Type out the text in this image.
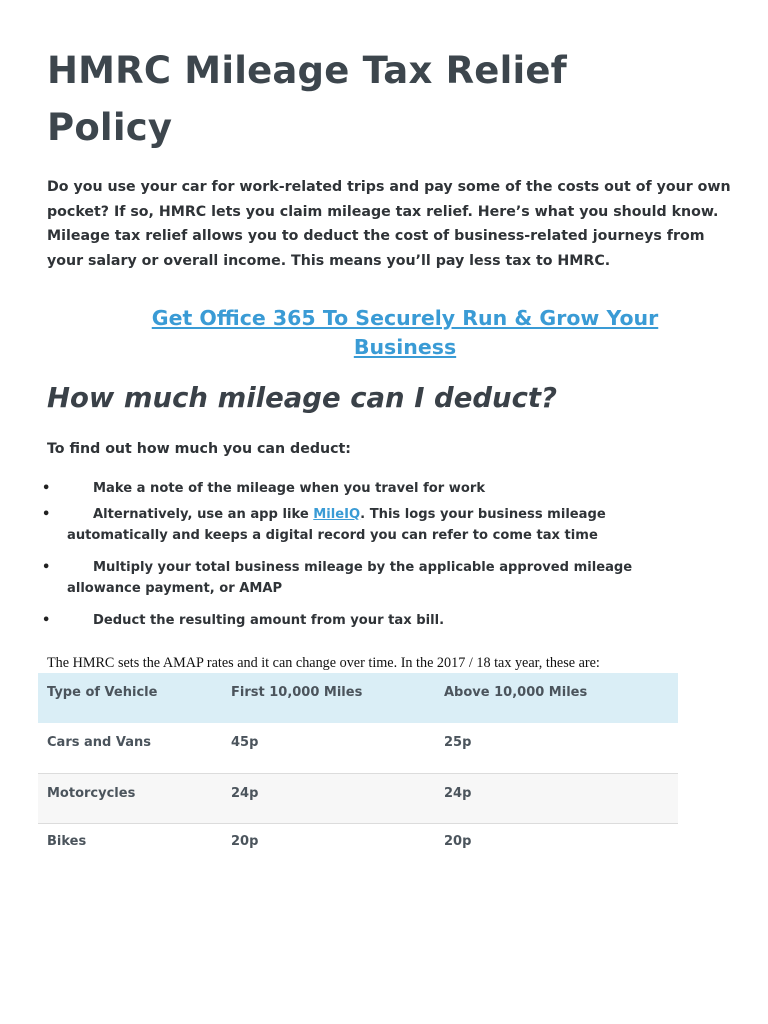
HMRC Mileage Tax Relief
Policy

Do you use your car for work-related trips and pay some of the costs out of your own pocket? If so, HMRC lets you claim mileage tax relief. Here’s what you should know.

Mileage tax relief allows you to deduct the cost of business-related journeys from your salary or overall income. This means you’ll pay less tax to HMRC.

Get Office 365 To Securely Run & Grow Your
Business
How much mileage can I deduct?

To find out how much you can deduct:

•	Make a note of the mileage when you travel for work
•	Alternatively, use an app like MileIQ. This logs your business mileage automatically and keeps a digital record you can refer to come tax time
•	Multiply your total business mileage by the applicable approved mileage allowance payment, or AMAP
•	Deduct the resulting amount from your tax bill.

The HMRC sets the AMAP rates and it can change over time. In the 2017 / 18 tax year, these are:

Type of Vehicle	First 10,000 Miles	Above 10,000 Miles
Cars and Vans	45p	25p
Motorcycles	24p	24p
Bikes	20p	20p
